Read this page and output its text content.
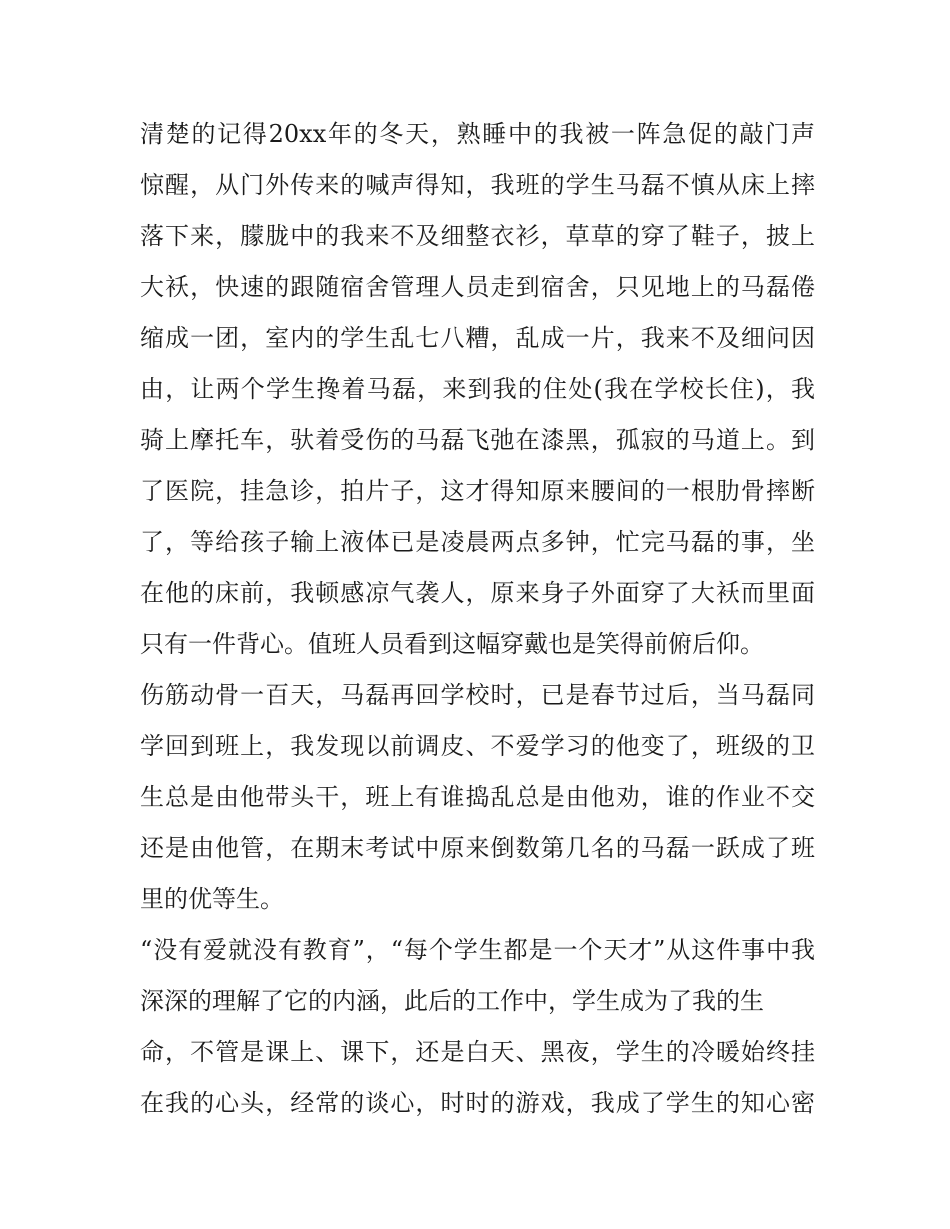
清楚的记得20xx年的冬天，熟睡中的我被一阵急促的敲门声
惊醒，从门外传来的喊声得知，我班的学生马磊不慎从床上摔
落下来，朦胧中的我来不及细整衣衫，草草的穿了鞋子，披上
大袄，快速的跟随宿舍管理人员走到宿舍，只见地上的马磊倦
缩成一团，室内的学生乱七八糟，乱成一片，我来不及细问因
由，让两个学生搀着马磊，来到我的住处(我在学校长住)，我
骑上摩托车，驮着受伤的马磊飞弛在漆黑，孤寂的马道上。到
了医院，挂急诊，拍片子，这才得知原来腰间的一根肋骨摔断
了，等给孩子输上液体已是凌晨两点多钟，忙完马磊的事，坐
在他的床前，我顿感凉气袭人，原来身子外面穿了大袄而里面
只有一件背心。值班人员看到这幅穿戴也是笑得前俯后仰。
伤筋动骨一百天，马磊再回学校时，已是春节过后，当马磊同
学回到班上，我发现以前调皮、不爱学习的他变了，班级的卫
生总是由他带头干，班上有谁捣乱总是由他劝，谁的作业不交
还是由他管，在期末考试中原来倒数第几名的马磊一跃成了班
里的优等生。
“没有爱就没有教育”，“每个学生都是一个天才”从这件事中我
深深的理解了它的内涵，此后的工作中，学生成为了我的生
命，不管是课上、课下，还是白天、黑夜，学生的冷暖始终挂
在我的心头，经常的谈心，时时的游戏，我成了学生的知心密
